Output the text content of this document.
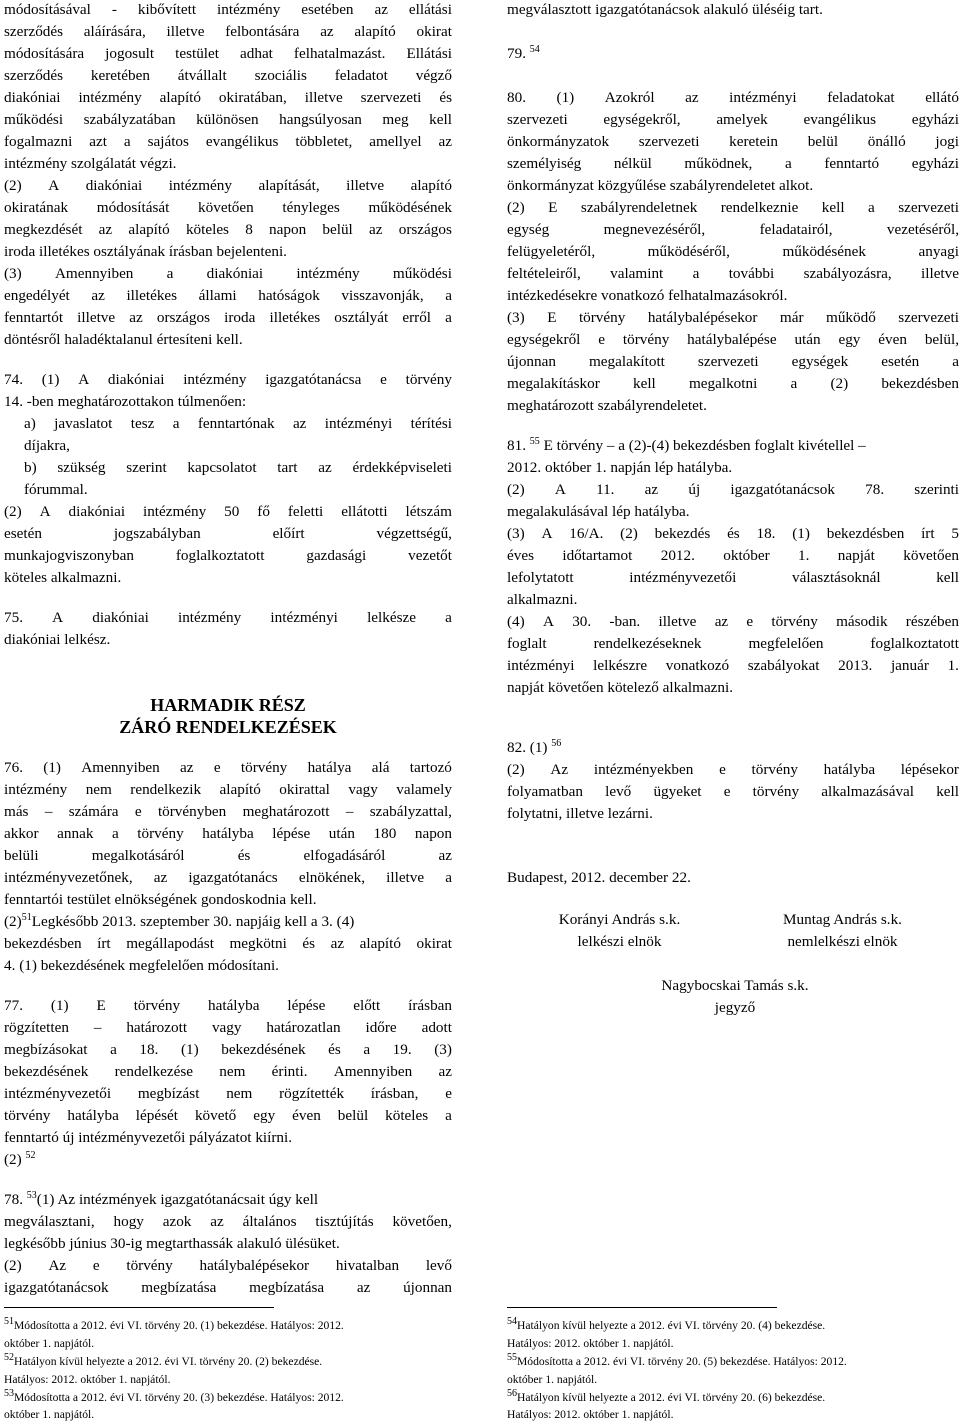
módosításával - kibővített intézmény esetében az ellátási
szerződés aláírására, illetve felbontására az alapító okirat
módosítására jogosult testület adhat felhatalmazást. Ellátási
szerződés keretében átvállalt szociális feladatot végző
diakóniai intézmény alapító okiratában, illetve szervezeti és
működési szabályzatában különösen hangsúlyosan meg kell
fogalmazni azt a sajátos evangélikus többletet, amellyel az
intézmény szolgálatát végzi.
(2) A diakóniai intézmény alapítását, illetve alapító
okiratának módosítását követően tényleges működésének
megkezdését az alapító köteles 8 napon belül az országos
iroda illetékes osztályának írásban bejelenteni.
(3) Amennyiben a diakóniai intézmény működési
engedélyét az illetékes állami hatóságok visszavonják, a
fenntartót illetve az országos iroda illetékes osztályát erről a
döntésről haladéktalanul értesíteni kell.
74. (1) A diakóniai intézmény igazgatótanácsa e törvény
14. -ben meghatározottakon túlmenően:
a) javaslatot tesz a fenntartónak az intézményi térítési
díjakra,
b) szükség szerint kapcsolatot tart az érdekképviseleti
fórummal.
(2) A diakóniai intézmény 50 fő feletti ellátotti létszám
esetén	jogszabályban	előírt	végzettségű,
munkajogviszonyban	foglalkoztatott	gazdasági	vezetőt
köteles alkalmazni.
75. A diakóniai intézmény intézményi lelkésze a
diakóniai lelkész.
HARMADIK RÉSZ
ZÁRÓ RENDELKEZÉSEK
76. (1) Amennyiben az e törvény hatálya alá tartozó
intézmény nem rendelkezik alapító okirattal vagy valamely
más – számára e törvényben meghatározott – szabályzattal,
akkor annak a törvény hatályba lépése után 180 napon
belüli	megalkotásáról	és	elfogadásáról	az
intézményvezetőnek, az igazgatótanács elnökének, illetve a
fenntartói testület elnökségének gondoskodnia kell.
$(2)^{51}Legkésőbb$ 2013. szeptember 30. napjáig kell a 3. (4)
bekezdésben írt megállapodást megkötni és az alapító okirat
4. (1) bekezdésének megfelelően módosítani.
77. (1) E törvény hatályba lépése előtt írásban
rögzítetten – határozott vagy határozatlan időre adott
megbízásokat a 18. (1) bekezdésének és a 19. (3)
bekezdésének rendelkezése nem érinti. Amennyiben az
intézményvezetői megbízást nem rögzítették írásban, e
törvény hatályba lépését követő egy éven belül köteles a
fenntartó új intézményvezetői pályázatot kiírni.
(2) $^{52}$
78. $^{53}$(1) Az intézmények igazgatótanácsait úgy kell
megválasztani, hogy azok az általános tisztújítás követően,
legkésőbb június 30-ig megtarthassák alakuló ülésüket.
(2) Az e törvény hatálybalépésekor hivatalban levő
igazgatótanácsok megbízatása megbízatása az újonnan
$^{51}$Módosította a 2012. évi VI. törvény 20. (1) bekezdése. Hatályos: 2012.
október 1. napjától.
$^{52}$Hatályon kívül helyezte a 2012. évi VI. törvény 20. (2) bekezdése.
Hatályos: 2012. október 1. napjától.
$^{53}$Módosította a 2012. évi VI. törvény 20. (3) bekezdése. Hatályos: 2012.
október 1. napjától.
megválasztott igazgatótanácsok alakuló üléséig tart.
79. $^{54}$
80. (1) Azokról az intézményi feladatokat ellátó
szervezeti egységekről, amelyek evangélikus egyházi
önkormányzatok szervezeti keretein belül önálló jogi
személyiség nélkül működnek, a fenntartó egyházi
önkormányzat közgyűlése szabályrendeletet alkot.
(2) E szabályrendeletnek rendelkeznie kell a szervezeti
egység	megnevezéséről,	feladatairól,	vezetéséről,
felügyeletéről,	működéséről,	működésének	anyagi
feltételeiről, valamint a további szabályozásra, illetve
intézkedésekre vonatkozó felhatalmazásokról.
(3) E törvény hatálybalépésekor már működő szervezeti
egységekről e törvény hatálybalépése után egy éven belül,
újonnan megalakított szervezeti egységek esetén a
megalakításkor kell megalkotni a (2) bekezdésben
meghatározott szabályrendeletet.
81. $^{55}$ E törvény – a (2)-(4) bekezdésben foglalt kivétellel –
2012. október 1. napján lép hatályba.
(2) A 11. az új igazgatótanácsok 78. szerinti
megalakulásával lép hatályba.
(3) A 16/A. (2) bekezdés és 18. (1) bekezdésben írt 5
éves időtartamot 2012. október 1. napját követően
lefolytatott	intézményvezetői	választásoknál	kell
alkalmazni.
(4) A 30. -ban. illetve az e törvény második részében
foglalt	rendelkezéseknek	megfelelően	foglalkoztatott
intézményi lelkészre vonatkozó szabályokat 2013. január 1.
napját követően kötelező alkalmazni.
82. (1) $^{56}$
(2) Az intézményekben e törvény hatályba lépésekor
folyamatban levő ügyeket e törvény alkalmazásával kell
folytatni, illetve lezárni.
Budapest, 2012. december 22.
Korányi András s.k.
lelkészi elnök
Muntag András s.k.
nemlelkészi elnök
Nagybocskai Tamás s.k.
jegyző
$^{54}$Hatályon kívül helyezte a 2012. évi VI. törvény 20. (4) bekezdése.
Hatályos: 2012. október 1. napjától.
$^{55}$Módosította a 2012. évi VI. törvény 20. (5) bekezdése. Hatályos: 2012.
október 1. napjától.
$^{56}$Hatályon kívül helyezte a 2012. évi VI. törvény 20. (6) bekezdése.
Hatályos: 2012. október 1. napjától.
